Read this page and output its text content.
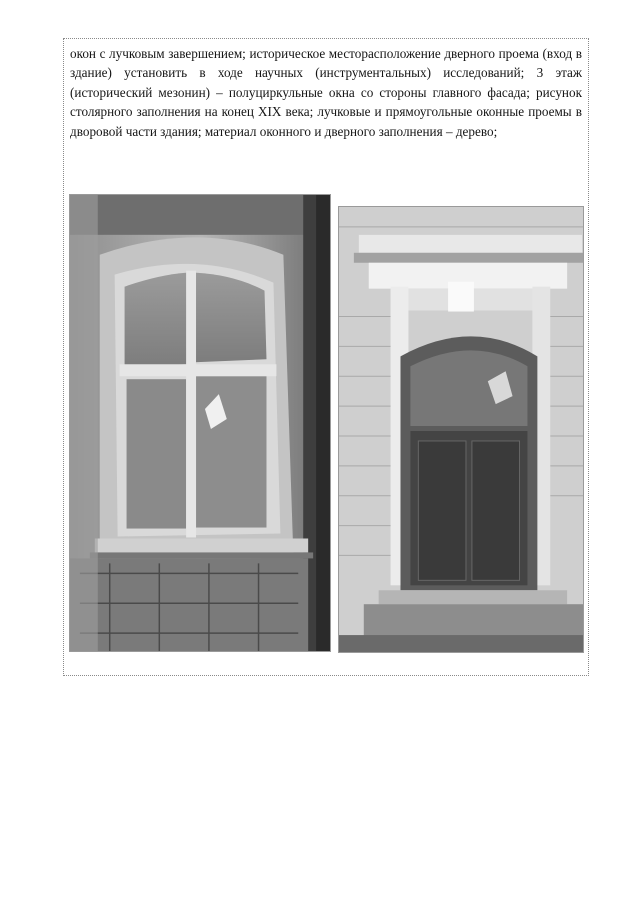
окон с лучковым завершением; историческое месторасположение дверного проема (вход в здание) установить в ходе научных (инструментальных) исследований; 3 этаж (исторический мезонин) – полуциркульные окна со стороны главного фасада; рисунок столярного заполнения на конец XIX века; лучковые и прямоугольные оконные проемы в дворовой части здания; материал оконного и дверного заполнения – дерево;
